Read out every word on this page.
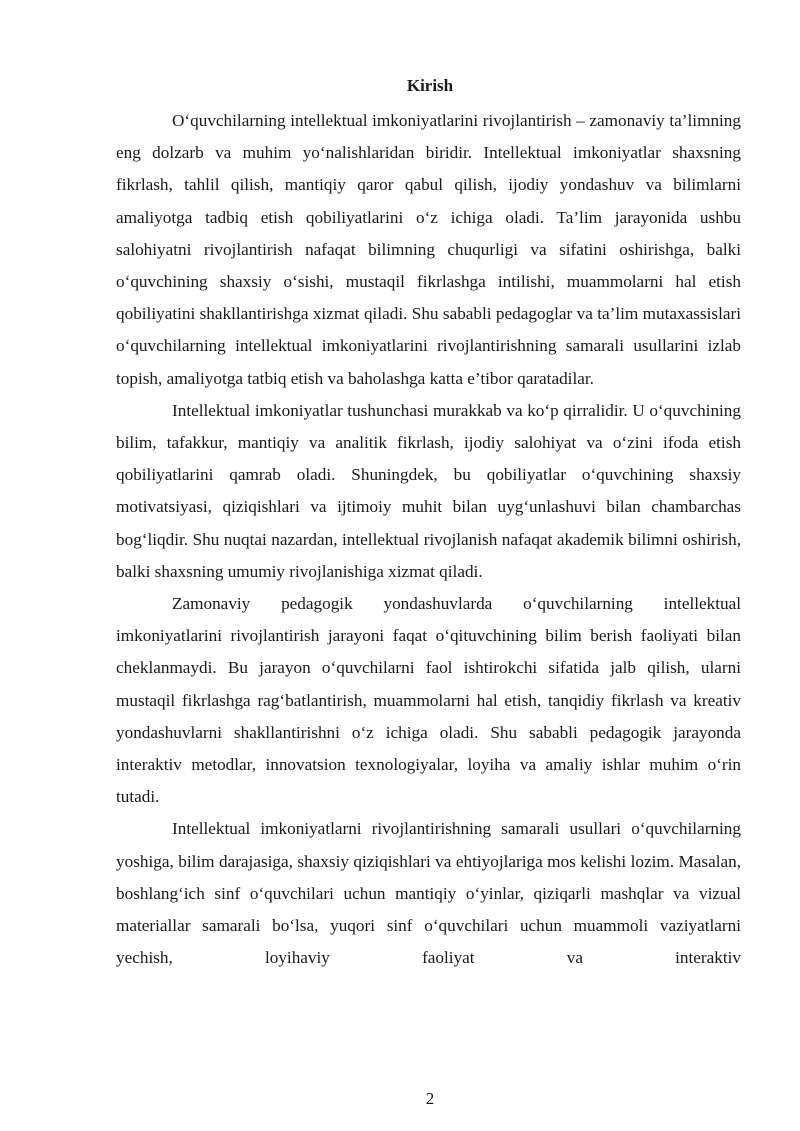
Kirish

O‘quvchilarning intellektual imkoniyatlarini rivojlantirish – zamonaviy ta’limning eng dolzarb va muhim yo‘nalishlaridan biridir. Intellektual imkoniyatlar shaxsning fikrlash, tahlil qilish, mantiqiy qaror qabul qilish, ijodiy yondashuv va bilimlarni amaliyotga tadbiq etish qobiliyatlarini o‘z ichiga oladi. Ta’lim jarayonida ushbu salohiyatni rivojlantirish nafaqat bilimning chuqurligi va sifatini oshirishga, balki o‘quvchining shaxsiy o‘sishi, mustaqil fikrlashga intilishi, muammolarni hal etish qobiliyatini shakllantirishga xizmat qiladi. Shu sababli pedagoglar va ta’lim mutaxassislari o‘quvchilarning intellektual imkoniyatlarini rivojlantirishning samarali usullarini izlab topish, amaliyotga tatbiq etish va baholashga katta e’tibor qaratadilar.

Intellektual imkoniyatlar tushunchasi murakkab va ko‘p qirralidir. U o‘quvchining bilim, tafakkur, mantiqiy va analitik fikrlash, ijodiy salohiyat va o‘zini ifoda etish qobiliyatlarini qamrab oladi. Shuningdek, bu qobiliyatlar o‘quvchining shaxsiy motivatsiyasi, qiziqishlari va ijtimoiy muhit bilan uyg‘unlashuvi bilan chambarchas bog‘liqdir. Shu nuqtai nazardan, intellektual rivojlanish nafaqat akademik bilimni oshirish, balki shaxsning umumiy rivojlanishiga xizmat qiladi.

Zamonaviy pedagogik yondashuvlarda o‘quvchilarning intellektual imkoniyatlarini rivojlantirish jarayoni faqat o‘qituvchining bilim berish faoliyati bilan cheklanmaydi. Bu jarayon o‘quvchilarni faol ishtirokchi sifatida jalb qilish, ularni mustaqil fikrlashga rag‘batlantirish, muammolarni hal etish, tanqidiy fikrlash va kreativ yondashuvlarni shakllantirishni o‘z ichiga oladi. Shu sababli pedagogik jarayonda interaktiv metodlar, innovatsion texnologiyalar, loyiha va amaliy ishlar muhim o‘rin tutadi.

Intellektual imkoniyatlarni rivojlantirishning samarali usullari o‘quvchilarning yoshiga, bilim darajasiga, shaxsiy qiziqishlari va ehtiyojlariga mos kelishi lozim. Masalan, boshlang‘ich sinf o‘quvchilari uchun mantiqiy o‘yinlar, qiziqarli mashqlar va vizual materiallar samarali bo‘lsa, yuqori sinf o‘quvchilari uchun muammoli vaziyatlarni yechish, loyihaviy faoliyat va interaktiv

2
